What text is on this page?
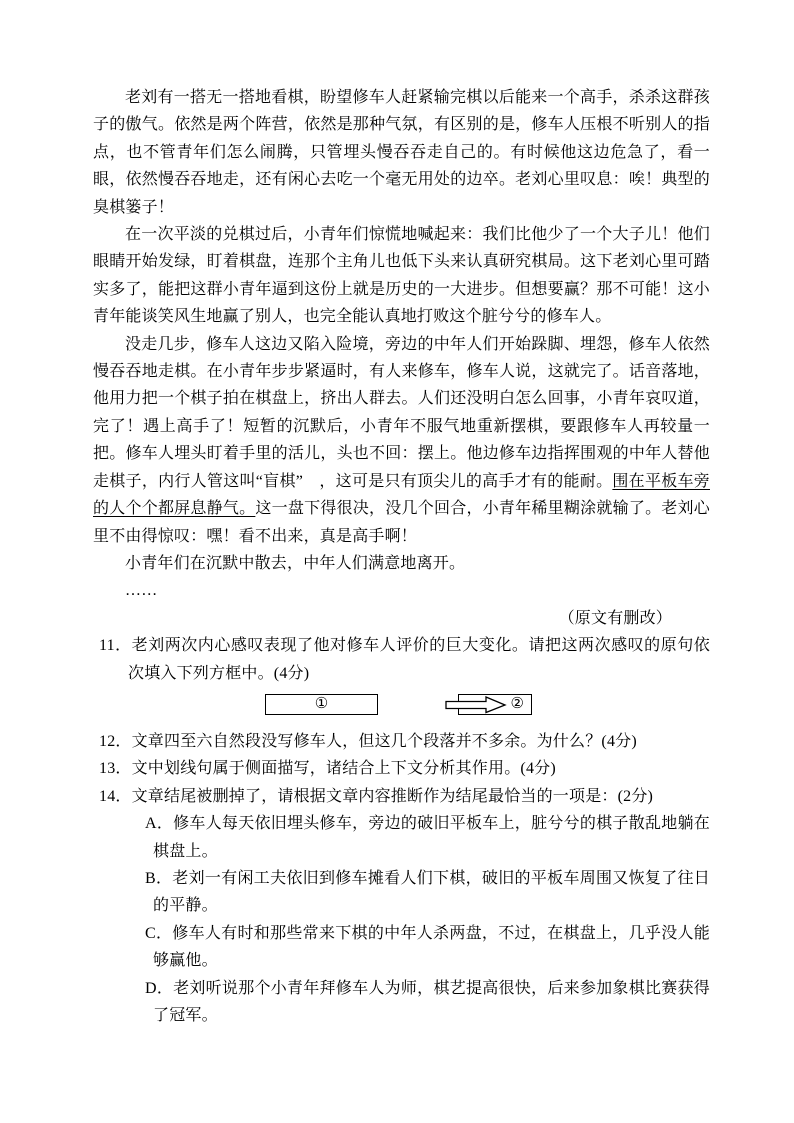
老刘有一搭无一搭地看棋，盼望修车人赶紧输完棋以后能来一个高手，杀杀这群孩子的傲气。依然是两个阵营，依然是那种气氛，有区别的是，修车人压根不听别人的指点，也不管青年们怎么闹腾，只管埋头慢吞吞走自己的。有时候他这边危急了，看一眼，依然慢吞吞地走，还有闲心去吃一个毫无用处的边卒。老刘心里叹息：唉！典型的臭棋篓子！

在一次平淡的兑棋过后，小青年们惊慌地喊起来：我们比他少了一个大子儿！他们眼睛开始发绿，盯着棋盘，连那个主角儿也低下头来认真研究棋局。这下老刘心里可踏实多了，能把这群小青年逼到这份上就是历史的一大进步。但想要赢？那不可能！这小青年能谈笑风生地赢了别人，也完全能认真地打败这个脏兮兮的修车人。

没走几步，修车人这边又陷入险境，旁边的中年人们开始跺脚、埋怨，修车人依然慢吞吞地走棋。在小青年步步紧逼时，有人来修车，修车人说，这就完了。话音落地，他用力把一个棋子拍在棋盘上，挤出人群去。人们还没明白怎么回事，小青年哀叹道，完了！遇上高手了！短暂的沉默后，小青年不服气地重新摆棋，要跟修车人再较量一把。修车人埋头盯着手里的活儿，头也不回：摆上。他边修车边指挥围观的中年人替他走棋子，内行人管这叫“盲棋”　，这可是只有顶尖儿的高手才有的能耐。围在平板车旁的人个个都屏息静气。这一盘下得很决，没几个回合，小青年稀里糊涂就输了。老刘心里不由得惊叹：嘿！看不出来，真是高手啊！

小青年们在沉默中散去，中年人们满意地离开。

……

（原文有删改）

11．老刘两次内心感叹表现了他对修车人评价的巨大变化。请把这两次感叹的原句依次填入下列方框中。(4分)

①	②

12．文章四至六自然段没写修车人，但这几个段落并不多余。为什么？(4分)

13．文中划线句属于侧面描写，诸结合上下文分析其作用。(4分)

14．文章结尾被删掉了，请根据文章内容推断作为结尾最恰当的一项是：(2分)

A．修车人每天依旧埋头修车，旁边的破旧平板车上，脏兮兮的棋子散乱地躺在棋盘上。

B．老刘一有闲工夫依旧到修车摊看人们下棋，破旧的平板车周围又恢复了往日的平静。

C．修车人有时和那些常来下棋的中年人杀两盘，不过，在棋盘上，几乎没人能够赢他。

D．老刘听说那个小青年拜修车人为师，棋艺提高很快，后来参加象棋比赛获得了冠军。
